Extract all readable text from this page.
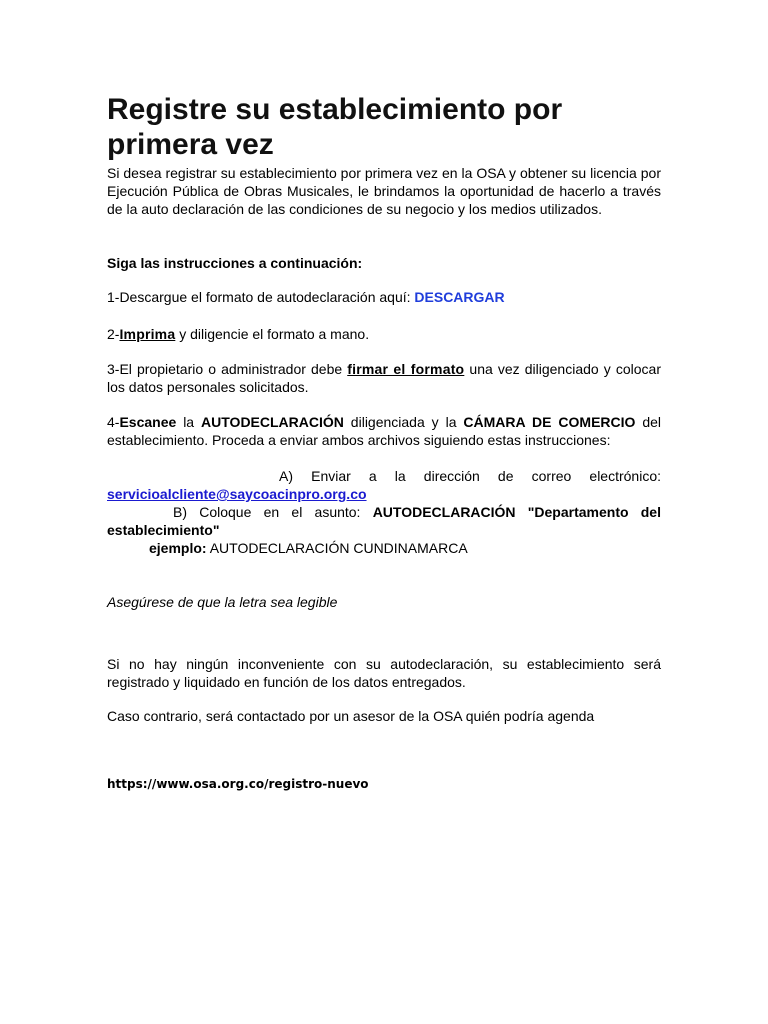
Registre su establecimiento por primera vez

Si desea registrar su establecimiento por primera vez en la OSA y obtener su licencia por Ejecución Pública de Obras Musicales, le brindamos la oportunidad de hacerlo a través de la auto declaración de las condiciones de su negocio y los medios utilizados.

Siga las instrucciones a continuación:

1-Descargue el formato de autodeclaración aquí: DESCARGAR

2-Imprima y diligencie el formato a mano.

3-El propietario o administrador debe firmar el formato una vez diligenciado y colocar los datos personales solicitados.

4-Escanee la AUTODECLARACIÓN diligenciada y la CÁMARA DE COMERCIO del establecimiento. Proceda a enviar ambos archivos siguiendo estas instrucciones:

A) Enviar a la dirección de correo electrónico: servicioalcliente@saycoacinpro.org.co

B) Coloque en el asunto: AUTODECLARACIÓN "Departamento del establecimiento"

ejemplo: AUTODECLARACIÓN CUNDINAMARCA

Asegúrese de que la letra sea legible

Si no hay ningún inconveniente con su autodeclaración, su establecimiento será registrado y liquidado en función de los datos entregados.

Caso contrario, será contactado por un asesor de la OSA quién podría agenda

https://www.osa.org.co/registro-nuevo
